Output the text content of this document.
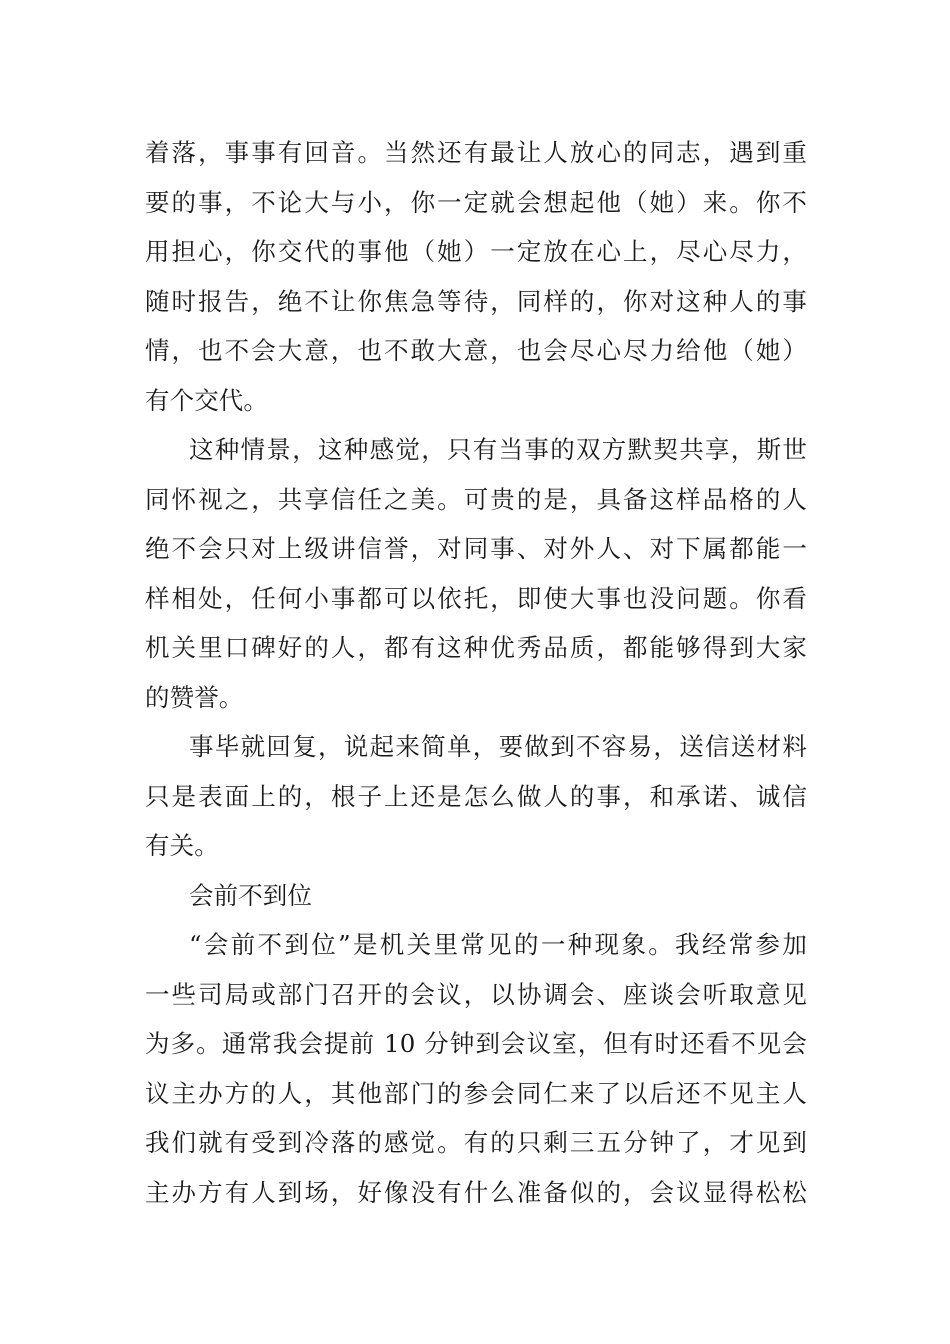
着落，事事有回音。当然还有最让人放心的同志，遇到重
要的事，不论大与小，你一定就会想起他（她）来。你不
用担心，你交代的事他（她）一定放在心上，尽心尽力，
随时报告，绝不让你焦急等待，同样的，你对这种人的事
情，也不会大意，也不敢大意，也会尽心尽力给他（她）
有个交代。
这种情景，这种感觉，只有当事的双方默契共享，斯世
同怀视之，共享信任之美。可贵的是，具备这样品格的人
绝不会只对上级讲信誉，对同事、对外人、对下属都能一
样相处，任何小事都可以依托，即使大事也没问题。你看
机关里口碑好的人，都有这种优秀品质，都能够得到大家
的赞誉。
事毕就回复，说起来简单，要做到不容易，送信送材料
只是表面上的，根子上还是怎么做人的事，和承诺、诚信
有关。
会前不到位
“会前不到位”是机关里常见的一种现象。我经常参加
一些司局或部门召开的会议，以协调会、座谈会听取意见
为多。通常我会提前 10 分钟到会议室，但有时还看不见会
议主办方的人，其他部门的参会同仁来了以后还不见主人
我们就有受到冷落的感觉。有的只剩三五分钟了，才见到
主办方有人到场，好像没有什么准备似的，会议显得松松
